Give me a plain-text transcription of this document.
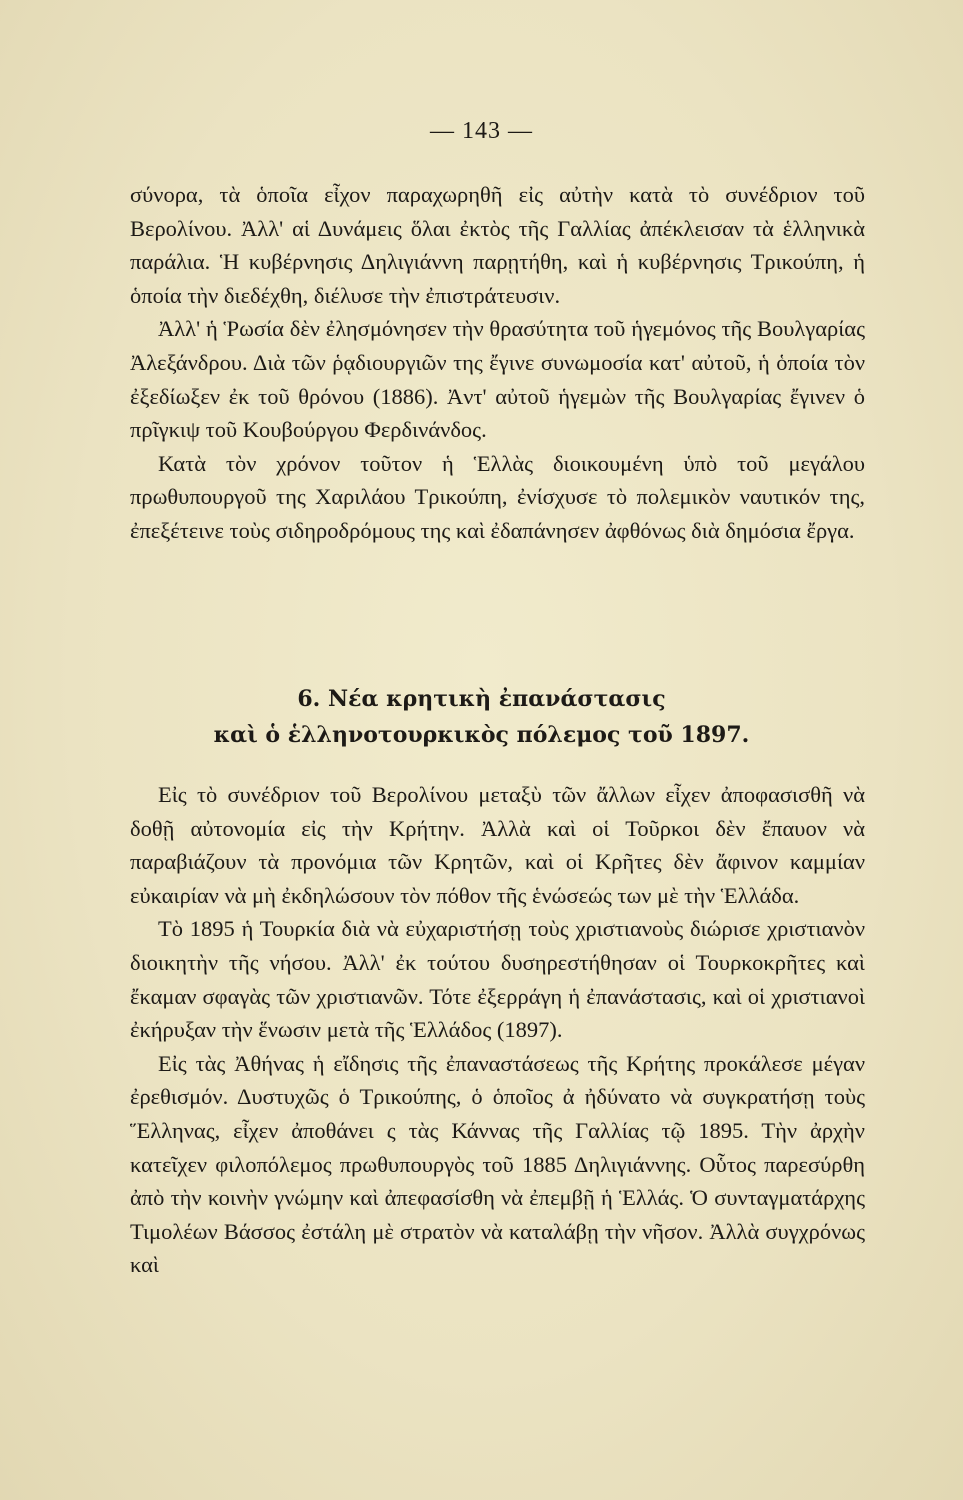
— 143 —

σύνορα, τὰ ὁποῖα εἶχον παραχωρηθῆ εἰς αὐτὴν κατὰ τὸ συνέδριον τοῦ Βερολίνου. Ἀλλ' αἱ Δυνάμεις ὅλαι ἐκτὸς τῆς Γαλλίας ἀπέκλεισαν τὰ ἑλληνικὰ παράλια. Ἡ κυβέρνησις Δηλιγιάννη παρῃτήθη, καὶ ἡ κυβέρνησις Τρικούπη, ἡ ὁποία τὴν διεδέχθη, διέλυσε τὴν ἐπιστράτευσιν.

Ἀλλ' ἡ Ῥωσία δὲν ἐλησμόνησεν τὴν θρασύτητα τοῦ ἡγεμόνος τῆς Βουλγαρίας Ἀλεξάνδρου. Διὰ τῶν ῥᾳδιουργιῶν της ἔγινε συνωμοσία κατ' αὐτοῦ, ἡ ὁποία τὸν ἐξεδίωξεν ἐκ τοῦ θρόνου (1886). Ἀντ' αὐτοῦ ἡγεμὼν τῆς Βουλγαρίας ἔγινεν ὁ πρῖγκιψ τοῦ Κουβούργου Φερδινάνδος.

Κατὰ τὸν χρόνον τοῦτον ἡ Ἑλλὰς διοικουμένη ὑπὸ τοῦ μεγάλου πρωθυπουργοῦ της Χαριλάου Τρικούπη, ἐνίσχυσε τὸ πολεμικὸν ναυτικόν της, ἐπεξέτεινε τοὺς σιδηροδρόμους της καὶ ἐδαπάνησεν ἀφθόνως διὰ δημόσια ἔργα.

6. Νέα κρητικὴ ἐπανάστασις
καὶ ὁ ἑλληνοτουρκικὸς πόλεμος τοῦ 1897.

Εἰς τὸ συνέδριον τοῦ Βερολίνου μεταξὺ τῶν ἄλλων εἶχεν ἀποφασισθῆ νὰ δοθῇ αὐτονομία εἰς τὴν Κρήτην. Ἀλλὰ καὶ οἱ Τοῦρκοι δὲν ἔπαυον νὰ παραβιάζουν τὰ προνόμια τῶν Κρητῶν, καὶ οἱ Κρῆτες δὲν ἄφινον καμμίαν εὐκαιρίαν νὰ μὴ ἐκδηλώσουν τὸν πόθον τῆς ἑνώσεώς των μὲ τὴν Ἑλλάδα.

Τὸ 1895 ἡ Τουρκία διὰ νὰ εὐχαριστήσῃ τοὺς χριστιανοὺς διώρισε χριστιανὸν διοικητὴν τῆς νήσου. Ἀλλ' ἐκ τούτου δυσηρεστήθησαν οἱ Τουρκοκρῆτες καὶ ἔκαμαν σφαγὰς τῶν χριστιανῶν. Τότε ἐξερράγη ἡ ἐπανάστασις, καὶ οἱ χριστιανοὶ ἐκήρυξαν τὴν ἕνωσιν μετὰ τῆς Ἑλλάδος (1897).

Εἰς τὰς Ἀθήνας ἡ εἴδησις τῆς ἐπαναστάσεως τῆς Κρήτης προκάλεσε μέγαν ἐρεθισμόν. Δυστυχῶς ὁ Τρικούπης, ὁ ὁποῖος ἀ ἠδύνατο νὰ συγκρατήσῃ τοὺς Ἕλληνας, εἶχεν ἀποθάνει ς τὰς Κάννας τῆς Γαλλίας τῷ 1895. Τὴν ἀρχὴν κατεῖχεν φιλοπόλεμος πρωθυπουργὸς τοῦ 1885 Δηλιγιάννης. Οὗτος παρεσύρθη ἀπὸ τὴν κοινὴν γνώμην καὶ ἀπεφασίσθη νὰ ἐπεμβῇ ἡ Ἑλλάς. Ὁ συνταγματάρχης Τιμολέων Βάσσος ἐστάλη μὲ στρατὸν νὰ καταλάβῃ τὴν νῆσον. Ἀλλὰ συγχρόνως καὶ
